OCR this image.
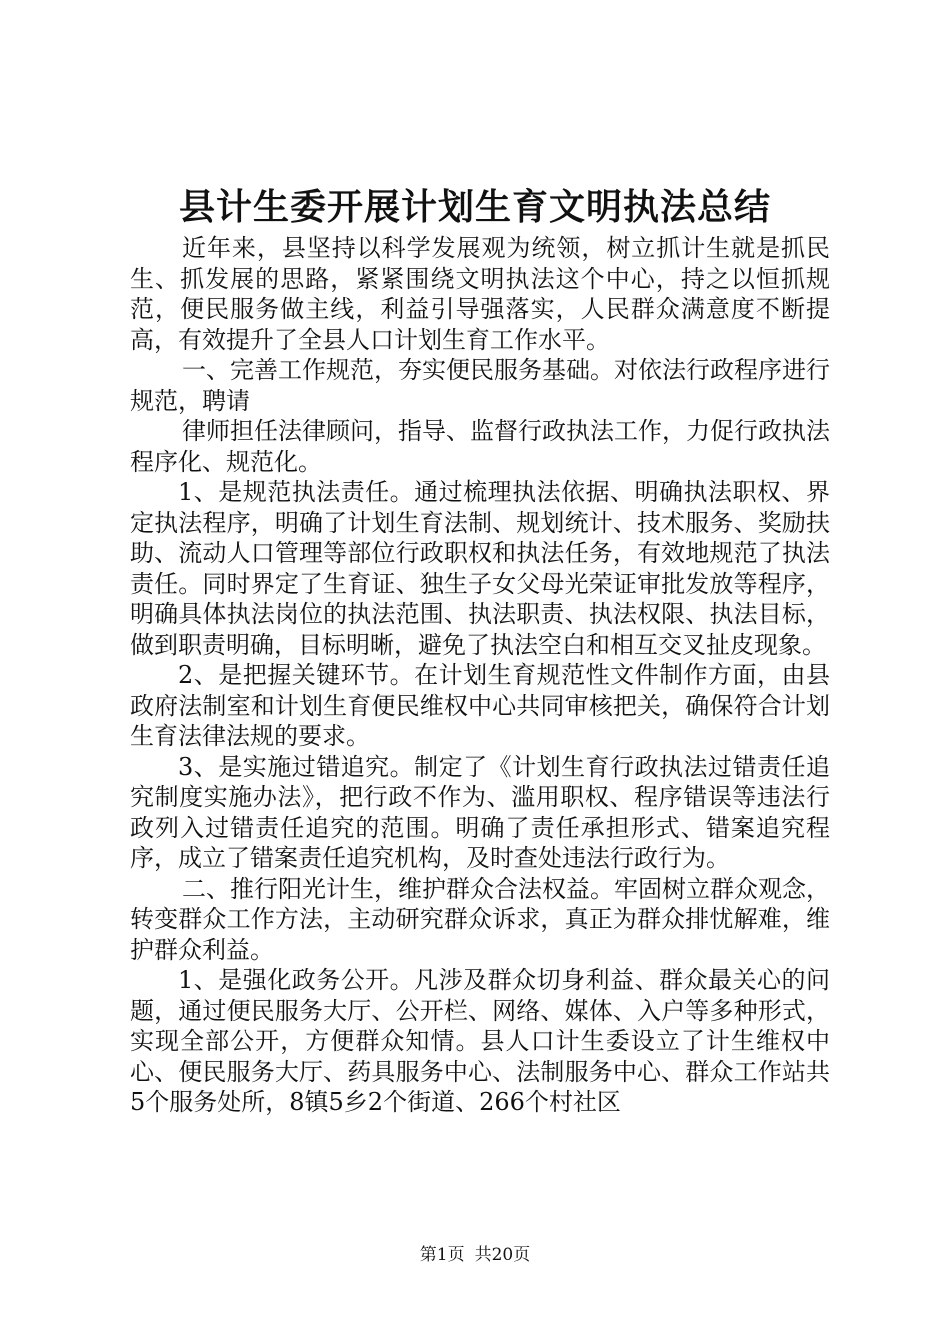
县计生委开展计划生育文明执法总结

近年来，县坚持以科学发展观为统领，树立抓计生就是抓民生、抓发展的思路，紧紧围绕文明执法这个中心，持之以恒抓规范，便民服务做主线，利益引导强落实，人民群众满意度不断提高，有效提升了全县人口计划生育工作水平。

一、完善工作规范，夯实便民服务基础。对依法行政程序进行规范，聘请

律师担任法律顾问，指导、监督行政执法工作，力促行政执法程序化、规范化。

1、是规范执法责任。通过梳理执法依据、明确执法职权、界定执法程序，明确了计划生育法制、规划统计、技术服务、奖励扶助、流动人口管理等部位行政职权和执法任务，有效地规范了执法责任。同时界定了生育证、独生子女父母光荣证审批发放等程序，明确具体执法岗位的执法范围、执法职责、执法权限、执法目标，做到职责明确，目标明晰，避免了执法空白和相互交叉扯皮现象。

2、是把握关键环节。在计划生育规范性文件制作方面，由县政府法制室和计划生育便民维权中心共同审核把关，确保符合计划生育法律法规的要求。

3、是实施过错追究。制定了《计划生育行政执法过错责任追究制度实施办法》，把行政不作为、滥用职权、程序错误等违法行政列入过错责任追究的范围。明确了责任承担形式、错案追究程序，成立了错案责任追究机构，及时查处违法行政行为。

二、推行阳光计生，维护群众合法权益。牢固树立群众观念，转变群众工作方法，主动研究群众诉求，真正为群众排忧解难，维护群众利益。

1、是强化政务公开。凡涉及群众切身利益、群众最关心的问题，通过便民服务大厅、公开栏、网络、媒体、入户等多种形式，实现全部公开，方便群众知情。县人口计生委设立了计生维权中心、便民服务大厅、药具服务中心、法制服务中心、群众工作站共5个服务处所，8镇5乡2个街道、266个村社区

第1页 共20页
